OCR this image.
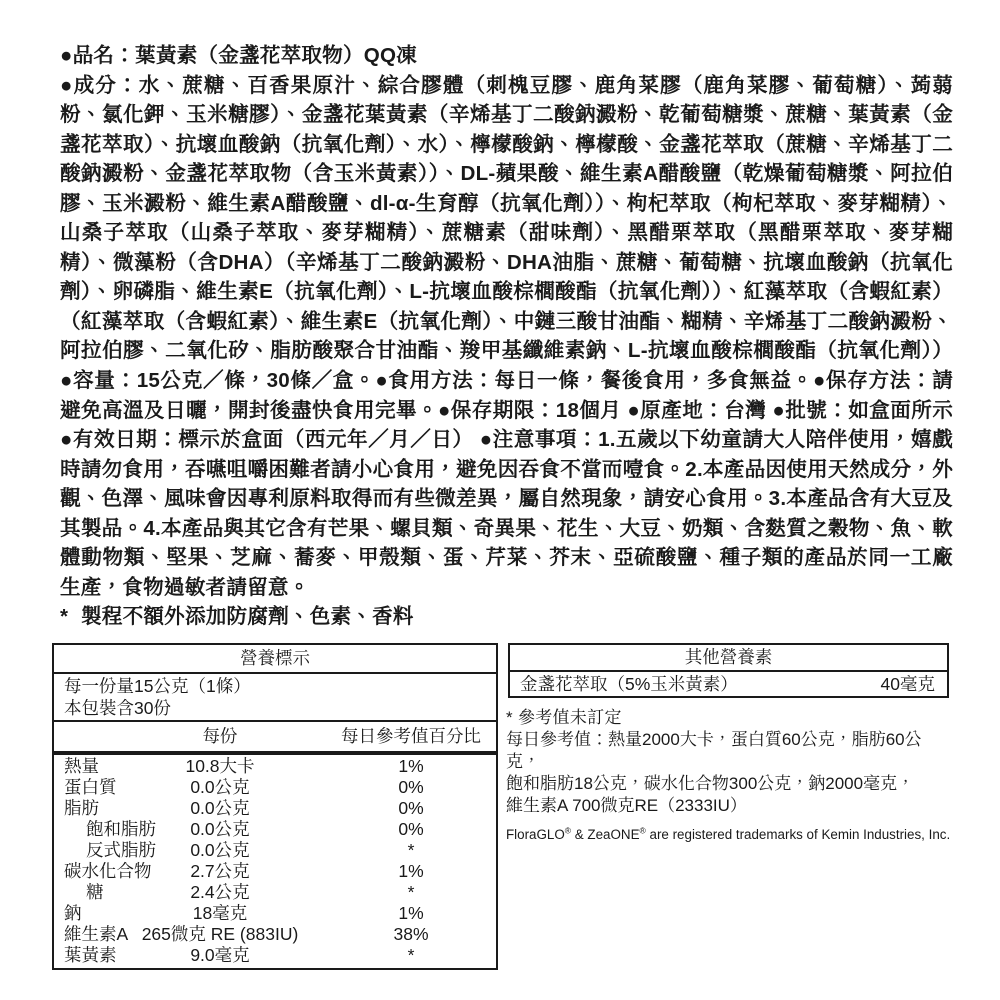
●品名：葉黃素（金盞花萃取物）QQ凍

●成分：水、蔗糖、百香果原汁、綜合膠體（刺槐豆膠、鹿角菜膠（鹿角菜膠、葡萄糖）、蒟蒻粉、氯化鉀、玉米糖膠）、金盞花葉黃素（辛烯基丁二酸鈉澱粉、乾葡萄糖漿、蔗糖、葉黃素（金盞花萃取）、抗壞血酸鈉（抗氧化劑）、水）、檸檬酸鈉、檸檬酸、金盞花萃取（蔗糖、辛烯基丁二酸鈉澱粉、金盞花萃取物（含玉米黃素））、DL-蘋果酸、維生素A醋酸鹽（乾燥葡萄糖漿、阿拉伯膠、玉米澱粉、維生素A醋酸鹽、dl-α-生育醇（抗氧化劑））、枸杞萃取（枸杞萃取、麥芽糊精）、山桑子萃取（山桑子萃取、麥芽糊精）、蔗糖素（甜味劑）、黑醋栗萃取（黑醋栗萃取、麥芽糊精）、微藻粉（含DHA）（辛烯基丁二酸鈉澱粉、DHA油脂、蔗糖、葡萄糖、抗壞血酸鈉（抗氧化劑）、卵磷脂、維生素E（抗氧化劑）、L-抗壞血酸棕櫚酸酯（抗氧化劑））、紅藻萃取（含蝦紅素）（紅藻萃取（含蝦紅素）、維生素E（抗氧化劑）、中鏈三酸甘油酯、糊精、辛烯基丁二酸鈉澱粉、阿拉伯膠、二氧化矽、脂肪酸聚合甘油酯、羧甲基纖維素鈉、L-抗壞血酸棕櫚酸酯（抗氧化劑）） ●容量：15公克／條，30條／盒。●食用方法：每日一條，餐後食用，多食無益。●保存方法：請避免高溫及日曬，開封後盡快食用完畢。●保存期限：18個月 ●原產地：台灣 ●批號：如盒面所示 ●有效日期：標示於盒面（西元年／月／日） ●注意事項：1.五歲以下幼童請大人陪伴使用，嬉戲時請勿食用，吞嚥咀嚼困難者請小心食用，避免因吞食不當而噎食。2.本產品因使用天然成分，外觀、色澤、風味會因專利原料取得而有些微差異，屬自然現象，請安心食用。3.本產品含有大豆及其製品。4.本產品與其它含有芒果、螺貝類、奇異果、花生、大豆、奶類、含麩質之穀物、魚、軟體動物類、堅果、芝麻、蕎麥、甲殼類、蛋、芹菜、芥末、亞硫酸鹽、種子類的產品於同一工廠生產，食物過敏者請留意。

* 製程不額外添加防腐劑、色素、香料

營養標示
每一份量15公克（1條）
本包裝含30份
每份	每日參考值百分比
熱量	10.8大卡	1%
蛋白質	0.0公克	0%
脂肪	0.0公克	0%
飽和脂肪	0.0公克	0%
反式脂肪	0.0公克	*
碳水化合物	2.7公克	1%
糖	2.4公克	*
鈉	18毫克	1%
維生素A 265微克 RE (883IU)	38%
葉黃素	9.0毫克	*
其他營養素
金盞花萃取（5%玉米黃素）	40毫克
* 參考值未訂定
每日參考值：熱量2000大卡，蛋白質60公克，脂肪60公克，
飽和脂肪18公克，碳水化合物300公克，鈉2000毫克，
維生素A 700微克RE（2333IU）
FloraGLO® & ZeaONE® are registered trademarks of Kemin Industries, Inc.
